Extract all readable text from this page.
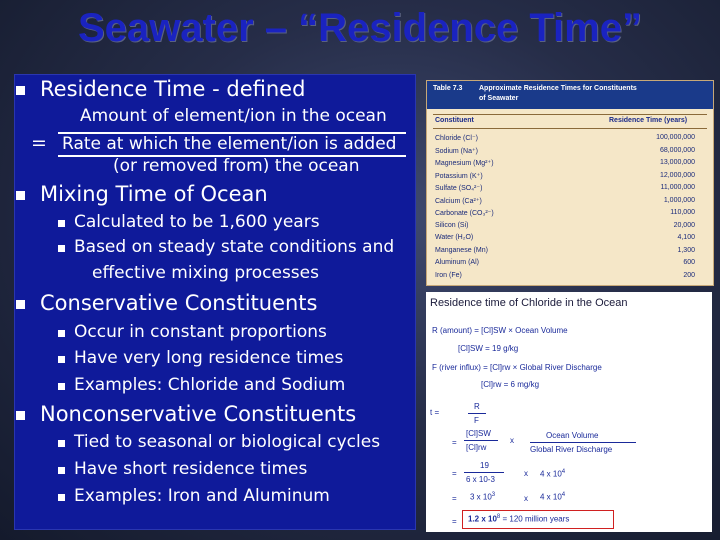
Seawater – “Residence Time”
Residence Time - defined
Amount of element/ion in the ocean
= Rate at which the element/ion is added
(or removed from) the ocean
Mixing Time of Ocean
Calculated to be 1,600 years
Based on steady state conditions and
effective mixing processes
Conservative Constituents
Occur in constant proportions
Have very long residence times
Examples: Chloride and Sodium
Nonconservative Constituents
Tied to seasonal or biological cycles
Have short residence times
Examples: Iron and Aluminum
Table 7.3 Approximate Residence Times for Constituents
of Seawater
Constituent	Residence Time (years)
Chloride (Cl⁻)	100,000,000
Sodium (Na⁺)	68,000,000
Magnesium (Mg²⁺)	13,000,000
Potassium (K⁺)	12,000,000
Sulfate (SO₄²⁻)	11,000,000
Calcium (Ca²⁺)	1,000,000
Carbonate (CO₃²⁻)	110,000
Silicon (Si)	20,000
Water (H₂O)	4,100
Manganese (Mn)	1,300
Aluminum (Al)	600
Iron (Fe)	200
Residence time of Chloride in the Ocean
R (amount) = [Cl]SW × Ocean Volume
[Cl]SW = 19 g/kg
F (river influx) = [Cl]rw × Global River Discharge
[Cl]rw = 6 mg/kg
t =
R
F
=
[Cl]SW
[Cl]rw
x
Ocean Volume
Global River Discharge
=
19
6 x 10-3
x 4 x $10^4$
= 3 x $10^3$	x 4 x $10^4$
= 1.2 x $10^8 = 120$ million years
